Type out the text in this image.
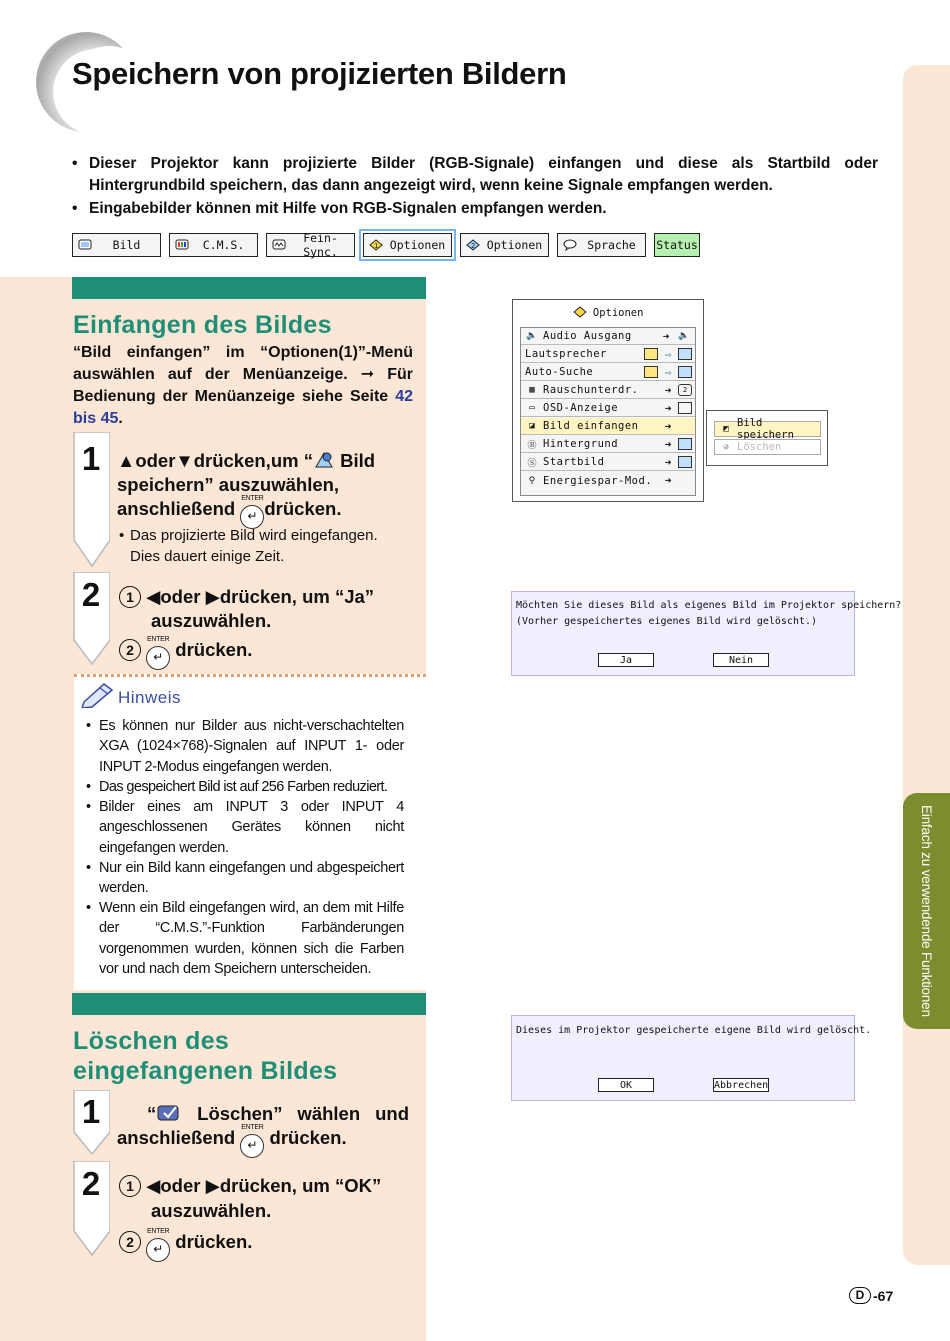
Einfach zu verwendende Funktionen
Speichern von projizierten Bildern
• Dieser Projektor kann projizierte Bilder (RGB-Signale) einfangen und diese als Startbild oder Hintergrundbild speichern, das dann angezeigt wird, wenn keine Signale empfangen werden.
• Eingabebilder können mit Hilfe von RGB-Signalen empfangen werden.
Bild	C.M.S.	Fein-Sync.	1 Optionen	2 Optionen	Sprache	Status
Einfangen des Bildes
“Bild einfangen” im “Optionen(1)”-Menü auswählen auf der Menüanzeige. ➞ Für Bedienung der Menüanzeige siehe Seite 42 bis 45.
1 ▲oder▼drücken,um “ Bild speichern” auszuwählen, anschließend ENTER
↵ drücken.
• Das projizierte Bild wird eingefangen. Dies dauert einige Zeit.
2	1 ◀oder ▶drücken, um “Ja”
auszuwählen.
2
ENTER
↵ drücken.
Hinweis
• Es können nur Bilder aus nicht-verschachtelten XGA (1024×768)-Signalen auf INPUT 1- oder INPUT 2-Modus eingefangen werden.
• Das gespeichert Bild ist auf 256 Farben reduziert.
• Bilder eines am INPUT 3 oder INPUT 4 angeschlossenen Gerätes können nicht eingefangen werden.
• Nur ein Bild kann eingefangen und abgespeichert werden.
• Wenn ein Bild eingefangen wird, an dem mit Hilfe der “C.M.S.”-Funktion Farbänderungen vorgenommen wurden, können sich die Farben vor und nach dem Speichern unterscheiden.
Löschen des
eingefangenen Bildes
1	“ Löschen” wählen und anschließend ENTER
↵ drücken.
2	1 ◀oder ▶drücken, um “OK”
auszuwählen.
2
ENTER
↵ drücken.
Optionen
🔈 Audio Ausgang	➜	🔈
Lautsprecher	⇨
Auto-Suche	⇨
▦ Rauschunterdr.	➜	2
▭ OSD-Anzeige	➜
◪ Bild einfangen	➜
Ⓑ Hintergrund	➜
Ⓢ Startbild	➜
⚲ Energiespar-Mod.	➜
◩ Bild speichern
◕ Löschen
Möchten Sie dieses Bild als eigenes Bild im Projektor speichern?
(Vorher gespeichertes eigenes Bild wird gelöscht.)
Ja	Nein
Dieses im Projektor gespeicherte eigene Bild wird gelöscht.
OK	Abbrechen
D -67
